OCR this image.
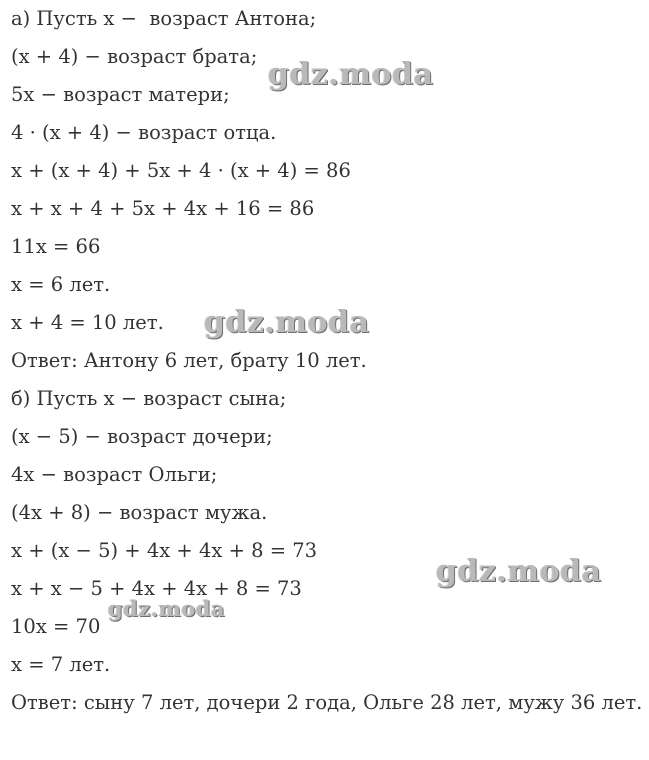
а) Пусть x −  возраст Антона;
(x + 4) − возраст брата;
5x − возраст матери;
4 · (x + 4) − возраст отца.
x + (x + 4) + 5x + 4 · (x + 4) = 86
x + x + 4 + 5x + 4x + 16 = 86
11x = 66
x = 6 лет.
x + 4 = 10 лет.
Ответ: Антону 6 лет, брату 10 лет.
б) Пусть x − возраст сына;
(x − 5) − возраст дочери;
4x − возраст Ольги;
(4x + 8) − возраст мужа.
x + (x − 5) + 4x + 4x + 8 = 73
x + x − 5 + 4x + 4x + 8 = 73
10x = 70
x = 7 лет.
Ответ: сыну 7 лет, дочери 2 года, Ольге 28 лет, мужу 36 лет.
gdz.moda
gdz.moda
gdz.moda
gdz.moda
